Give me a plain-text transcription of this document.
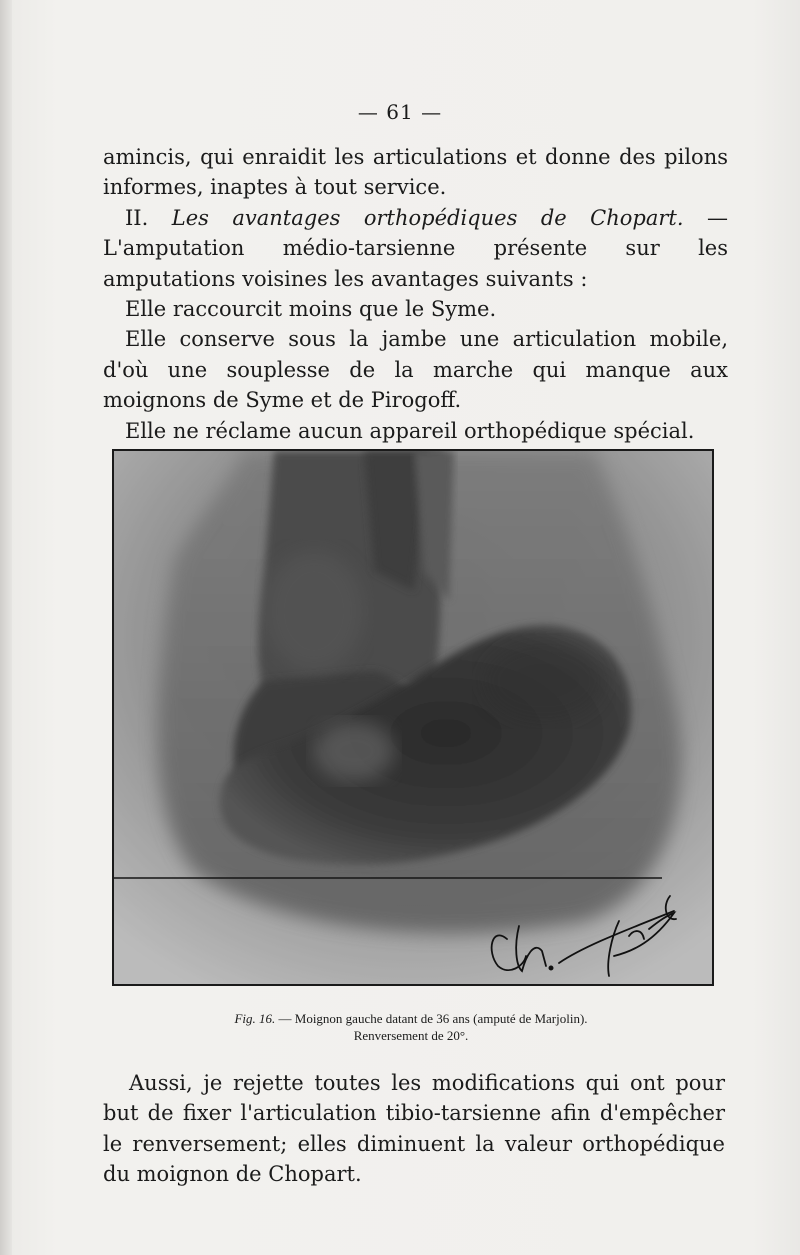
— 61 —

amincis, qui enraidit les articulations et donne des pilons informes, inaptes à tout service.

II. Les avantages orthopédiques de Chopart. — L'amputation médio-tarsienne présente sur les amputations voisines les avantages suivants :

Elle raccourcit moins que le Syme.

Elle conserve sous la jambe une articulation mobile, d'où une souplesse de la marche qui manque aux moignons de Syme et de Pirogoff.

Elle ne réclame aucun appareil orthopédique spécial.

Fig. 16. — Moignon gauche datant de 36 ans (amputé de Marjolin).
Renversement de 20°.

Aussi, je rejette toutes les modifications qui ont pour but de fixer l'articulation tibio-tarsienne afin d'empêcher le renversement; elles diminuent la valeur orthopédique du moignon de Chopart.
